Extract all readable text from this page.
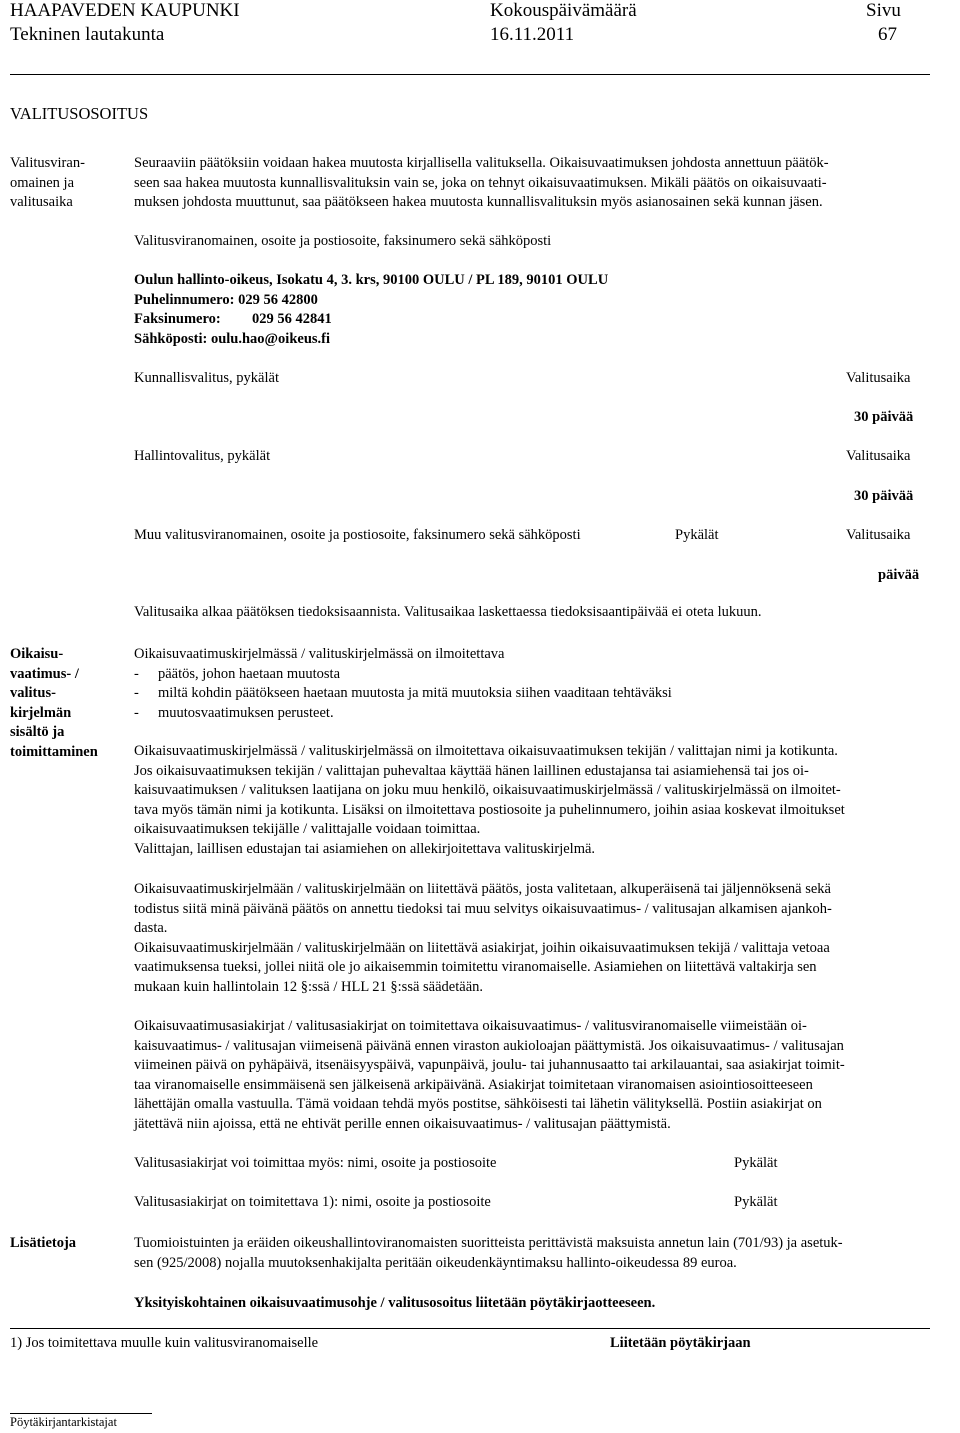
HAAPAVEDEN KAUPUNKI
Tekninen lautakunta
Kokouspäivämäärä
16.11.2011
Sivu
67
VALITUSOSOITUS
Valitusviran-
omainen ja
valitusaika
Seuraaviin päätöksiin voidaan hakea muutosta kirjallisella valituksella. Oikaisuvaatimuksen johdosta annettuun päätök-
seen saa hakea muutosta kunnallisvalituksin vain se, joka on tehnyt oikaisuvaatimuksen. Mikäli päätös on oikaisuvaati-
muksen johdosta muuttunut, saa päätökseen hakea muutosta kunnallisvalituksin myös asianosainen sekä kunnan jäsen.
Valitusviranomainen, osoite ja postiosoite, faksinumero sekä sähköposti
Oulun hallinto-oikeus, Isokatu 4, 3. krs, 90100 OULU / PL 189, 90101 OULU
Puhelinnumero: 029 56 42800
Faksinumero: 029 56 42841
Sähköposti: oulu.hao@oikeus.fi
Kunnallisvalitus, pykälät	Valitusaika
30 päivää
Hallintovalitus, pykälät	Valitusaika
30 päivää
Muu valitusviranomainen, osoite ja postiosoite, faksinumero sekä sähköposti	Pykälät	Valitusaika
päivää
Valitusaika alkaa päätöksen tiedoksisaannista. Valitusaikaa laskettaessa tiedoksisaantipäivää ei oteta lukuun.
Oikaisu-
vaatimus- /
valitus-
kirjelmän
sisältö ja
toimittaminen
Oikaisuvaatimuskirjelmässä / valituskirjelmässä on ilmoitettava
- päätös, johon haetaan muutosta
- miltä kohdin päätökseen haetaan muutosta ja mitä muutoksia siihen vaaditaan tehtäväksi
- muutosvaatimuksen perusteet.
Oikaisuvaatimuskirjelmässä / valituskirjelmässä on ilmoitettava oikaisuvaatimuksen tekijän / valittajan nimi ja kotikunta.
Jos oikaisuvaatimuksen tekijän / valittajan puhevaltaa käyttää hänen laillinen edustajansa tai asiamiehensä tai jos oi-
kaisuvaatimuksen / valituksen laatijana on joku muu henkilö, oikaisuvaatimuskirjelmässä / valituskirjelmässä on ilmoitet-
tava myös tämän nimi ja kotikunta. Lisäksi on ilmoitettava postiosoite ja puhelinnumero, joihin asiaa koskevat ilmoitukset
oikaisuvaatimuksen tekijälle / valittajalle voidaan toimittaa.
Valittajan, laillisen edustajan tai asiamiehen on allekirjoitettava valituskirjelmä.
Oikaisuvaatimuskirjelmään / valituskirjelmään on liitettävä päätös, josta valitetaan, alkuperäisenä tai jäljennöksenä sekä
todistus siitä minä päivänä päätös on annettu tiedoksi tai muu selvitys oikaisuvaatimus- / valitusajan alkamisen ajankoh-
dasta.
Oikaisuvaatimuskirjelmään / valituskirjelmään on liitettävä asiakirjat, joihin oikaisuvaatimuksen tekijä / valittaja vetoaa
vaatimuksensa tueksi, jollei niitä ole jo aikaisemmin toimitettu viranomaiselle. Asiamiehen on liitettävä valtakirja sen
mukaan kuin hallintolain 12 §:ssä / HLL 21 §:ssä säädetään.
Oikaisuvaatimusasiakirjat / valitusasiakirjat on toimitettava oikaisuvaatimus- / valitusviranomaiselle viimeistään oi-
kaisuvaatimus- / valitusajan viimeisenä päivänä ennen viraston aukiolоajan päättymistä. Jos oikaisuvaatimus- / valitusajan
viimeinen päivä on pyhäpäivä, itsenäisyyspäivä, vapunpäivä, joulu- tai juhannusaatto tai arkilauantai, saa asiakirjat toimit-
taa viranomaiselle ensimmäisenä sen jälkeisenä arkipäivänä. Asiakirjat toimitetaan viranomaisen asiointiosoitteeseen
lähettäjän omalla vastuulla. Tämä voidaan tehdä myös postitse, sähköisesti tai lähetin välityksellä. Postiin asiakirjat on
jätettävä niin ajoissa, että ne ehtivät perille ennen oikaisuvaatimus- / valitusajan päättymistä.
Valitusasiakirjat voi toimittaa myös: nimi, osoite ja postiosoite	Pykälät
Valitusasiakirjat on toimitettava 1): nimi, osoite ja postiosoite	Pykälät
Lisätietoja	Tuomioistuinten ja eräiden oikeushallintoviranomaisten suoritteista perittävistä maksuista annetun lain (701/93) ja asetuk-
sen (925/2008) nojalla muutoksenhakijalta peritään oikeudenkäyntimaksu hallinto-oikeudessa 89 euroa.
Yksityiskohtainen oikaisuvaatimusohje / valitusosoitus liitetään pöytäkirjaotteeseen.
1) Jos toimitettava muulle kuin valitusviranomaiselle	Liitetään pöytäkirjaan
Pöytäkirjantarkistajat
